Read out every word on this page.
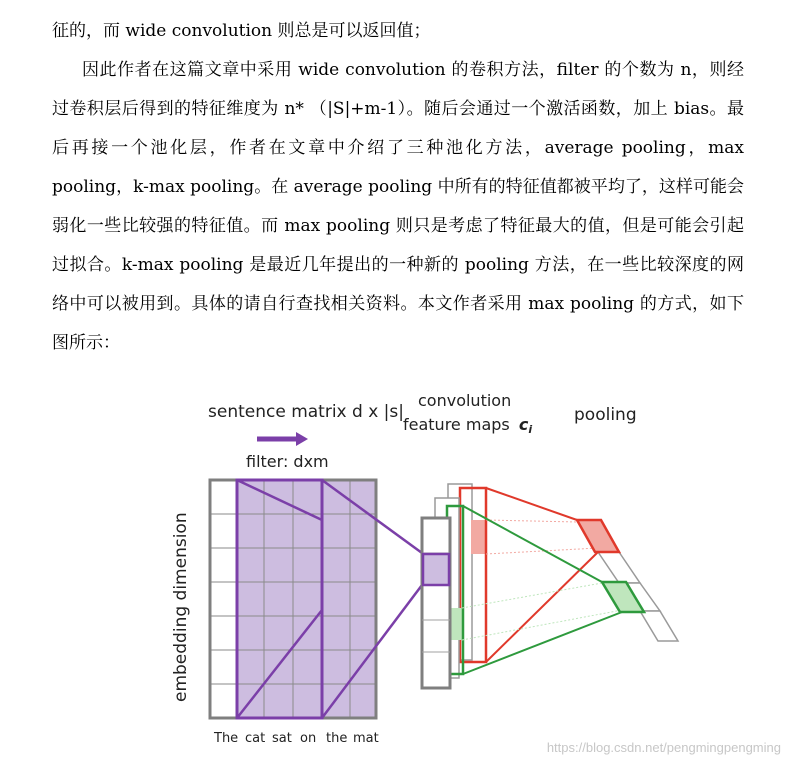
征的，而 wide convolution 则总是可以返回值；

因此作者在这篇文章中采用 wide convolution 的卷积方法，filter 的个数为 n，则经过卷积层后得到的特征维度为 n* （|S|+m-1）。随后会通过一个激活函数，加上 bias。最后再接一个池化层，作者在文章中介绍了三种池化方法，average pooling，max pooling，k-max pooling。在 average pooling 中所有的特征值都被平均了，这样可能会弱化一些比较强的特征值。而 max pooling 则只是考虑了特征最大的值，但是可能会引起过拟合。k-max pooling 是最近几年提出的一种新的 pooling 方法，在一些比较深度的网络中可以被用到。具体的请自行查找相关资料。本文作者采用 max pooling 的方式，如下图所示：

sentence matrix d x |s|
filter: dxm
convolution
feature maps ci
pooling
embedding dimension
The cat sat on the mat
https://blog.csdn.net/pengmingpengming
